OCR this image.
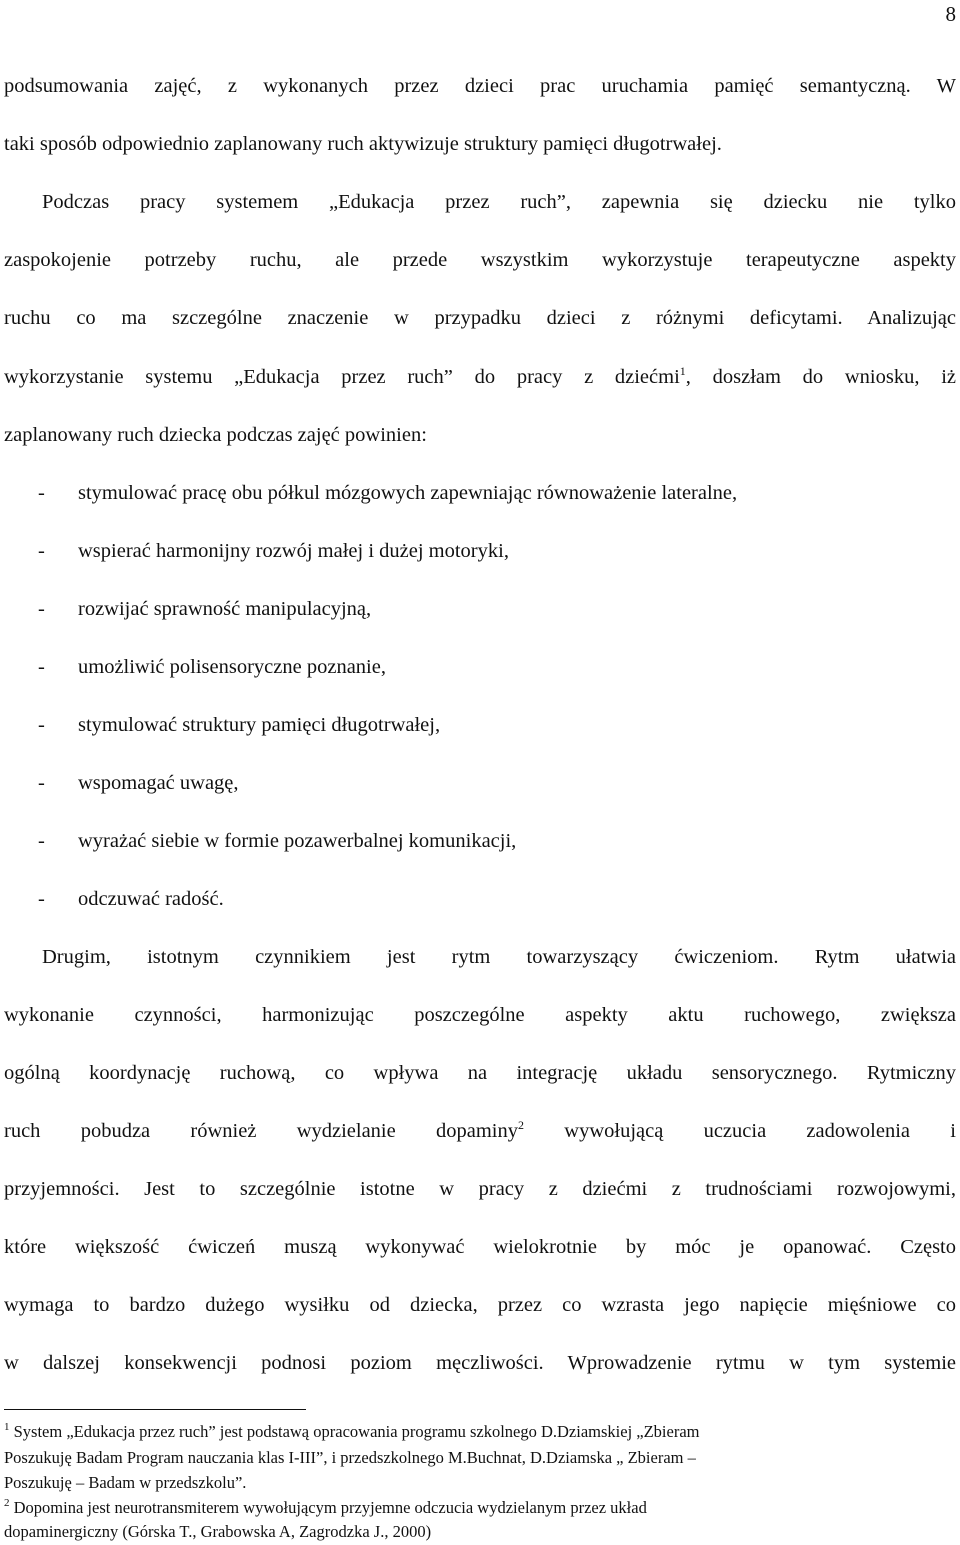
8
podsumowania zajęć, z wykonanych przez dzieci prac uruchamia pamięć semantyczną. W
taki sposób odpowiednio zaplanowany ruch aktywizuje struktury pamięci długotrwałej.
Podczas pracy systemem „Edukacja przez ruch”, zapewnia się dziecku nie tylko
zaspokojenie potrzeby ruchu, ale przede wszystkim wykorzystuje terapeutyczne aspekty
ruchu co ma szczególne znaczenie w przypadku dzieci z różnymi deficytami. Analizując
wykorzystanie systemu „Edukacja przez ruch” do pracy z dziećmi$^1$, doszłam do wniosku, iż
zaplanowany ruch dziecka podczas zajęć powinien:
- stymulować pracę obu półkul mózgowych zapewniając równoważenie lateralne,
- wspierać harmonijny rozwój małej i dużej motoryki,
- rozwijać sprawność manipulacyjną,
- umożliwić polisensoryczne poznanie,
- stymulować struktury pamięci długotrwałej,
- wspomagać uwagę,
- wyrażać siebie w formie pozawerbalnej komunikacji,
- odczuwać radość.
Drugim, istotnym czynnikiem jest rytm towarzyszący ćwiczeniom. Rytm ułatwia
wykonanie czynności, harmonizując poszczególne aspekty aktu ruchowego, zwiększa
ogólną koordynację ruchową, co wpływa na integrację układu sensorycznego. Rytmiczny
ruch pobudza również wydzielanie dopaminy$^2$ wywołującą uczucia zadowolenia i
przyjemności. Jest to szczególnie istotne w pracy z dziećmi z trudnościami rozwojowymi,
które większość ćwiczeń muszą wykonywać wielokrotnie by móc je opanować. Często
wymaga to bardzo dużego wysiłku od dziecka, przez co wzrasta jego napięcie mięśniowe co
w dalszej konsekwencji podnosi poziom męczliwości. Wprowadzenie rytmu w tym systemie
$^1$ System „Edukacja przez ruch” jest podstawą opracowania programu szkolnego D.Dziamskiej „Zbieram
Poszukuję Badam Program nauczania klas I-III”, i przedszkolnego M.Buchnat, D.Dziamska „ Zbieram –
Poszukuję – Badam w przedszkolu”.
$^2$ Dopomina jest neurotransmiterem wywołującym przyjemne odczucia wydzielanym przez układ
dopaminergiczny (Górska T., Grabowska A, Zagrodzka J., 2000)
